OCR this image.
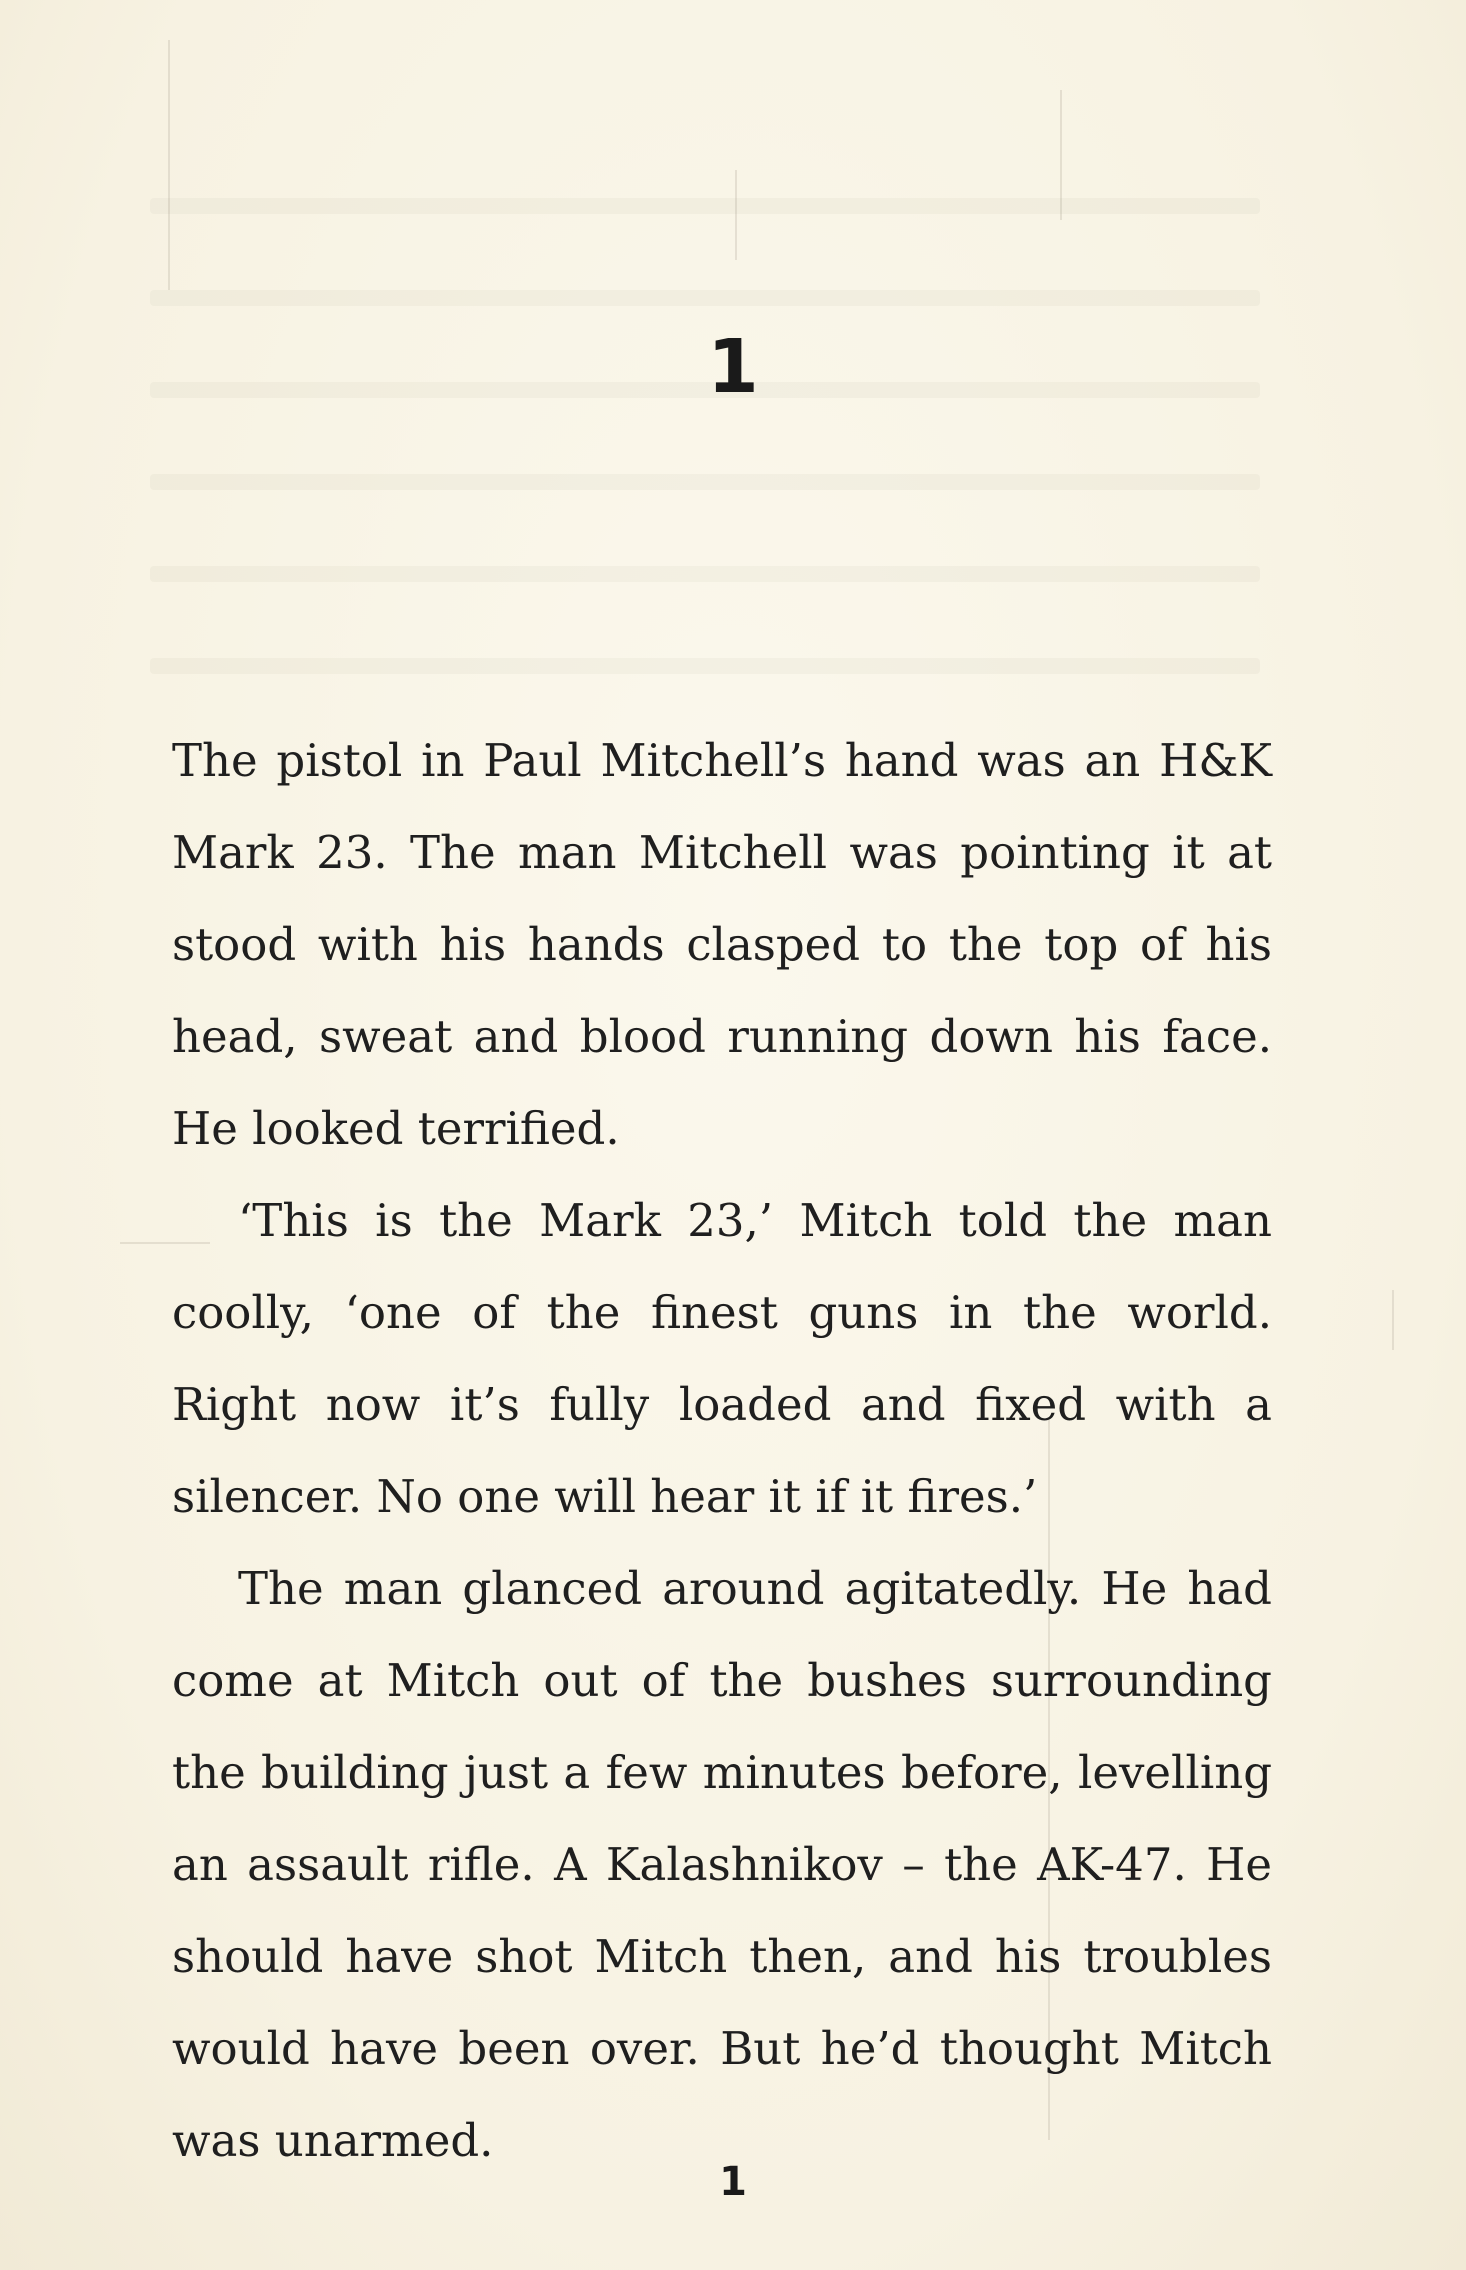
1

The pistol in Paul Mitchell’s hand was an H&K Mark 23. The man Mitchell was pointing it at stood with his hands clasped to the top of his head, sweat and blood running down his face. He looked terrified.

‘This is the Mark 23,’ Mitch told the man coolly, ‘one of the finest guns in the world. Right now it’s fully loaded and fixed with a silencer. No one will hear it if it fires.’

The man glanced around agitatedly. He had come at Mitch out of the bushes surrounding the building just a few minutes before, levelling an assault rifle. A Kalashnikov – the AK-47. He should have shot Mitch then, and his troubles would have been over. But he’d thought Mitch was unarmed.

1
